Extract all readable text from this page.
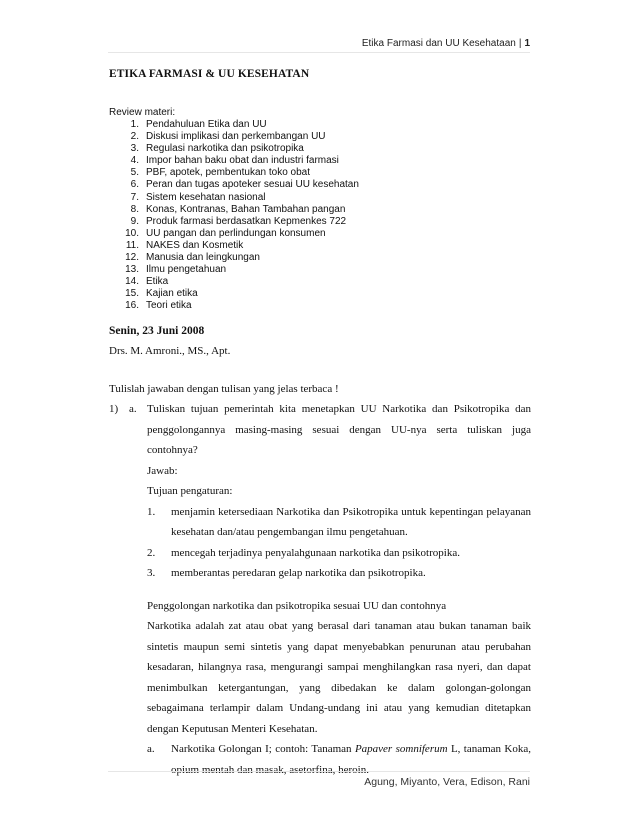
Etika Farmasi dan UU Kesehataan | 1
ETIKA FARMASI & UU KESEHATAN
Review materi:
1. Pendahuluan Etika dan UU
2. Diskusi implikasi dan perkembangan UU
3. Regulasi narkotika dan psikotropika
4. Impor bahan baku obat dan industri farmasi
5. PBF, apotek, pembentukan toko obat
6. Peran dan tugas apoteker sesuai UU kesehatan
7. Sistem kesehatan nasional
8. Konas, Kontranas, Bahan Tambahan pangan
9. Produk farmasi berdasatkan Kepmenkes 722
10. UU pangan dan perlindungan konsumen
11. NAKES dan Kosmetik
12. Manusia dan leingkungan
13. Ilmu pengetahuan
14. Etika
15. Kajian etika
16. Teori etika
Senin, 23 Juni 2008
Drs. M. Amroni., MS., Apt.
Tulislah jawaban dengan tulisan yang jelas terbaca !
1) a. Tuliskan tujuan pemerintah kita menetapkan UU Narkotika dan Psikotropika dan

penggolongannya masing-masing sesuai dengan UU-nya serta tuliskan juga contohnya?

Jawab:

Tujuan pengaturan:

1. menjamin ketersediaan Narkotika dan Psikotropika untuk kepentingan pelayanan

kesehatan dan/atau pengembangan ilmu pengetahuan.

2. mencegah terjadinya penyalahgunaan narkotika dan psikotropika.

3. memberantas peredaran gelap narkotika dan psikotropika.

Penggolongan narkotika dan psikotropika sesuai UU dan contohnya

Narkotika adalah zat atau obat yang berasal dari tanaman atau bukan tanaman baik

sintetis maupun semi sintetis yang dapat menyebabkan penurunan atau perubahan

kesadaran, hilangnya rasa, mengurangi sampai menghilangkan rasa nyeri, dan dapat

menimbulkan ketergantungan, yang dibedakan ke dalam golongan-golongan

sebagaimana terlampir dalam Undang-undang ini atau yang kemudian ditetapkan

dengan Keputusan Menteri Kesehatan.

a. Narkotika Golongan I; contoh: Tanaman Papaver somniferum L, tanaman Koka,

opium mentah dan masak, asetorfina, heroin.

Agung, Miyanto, Vera, Edison, Rani
